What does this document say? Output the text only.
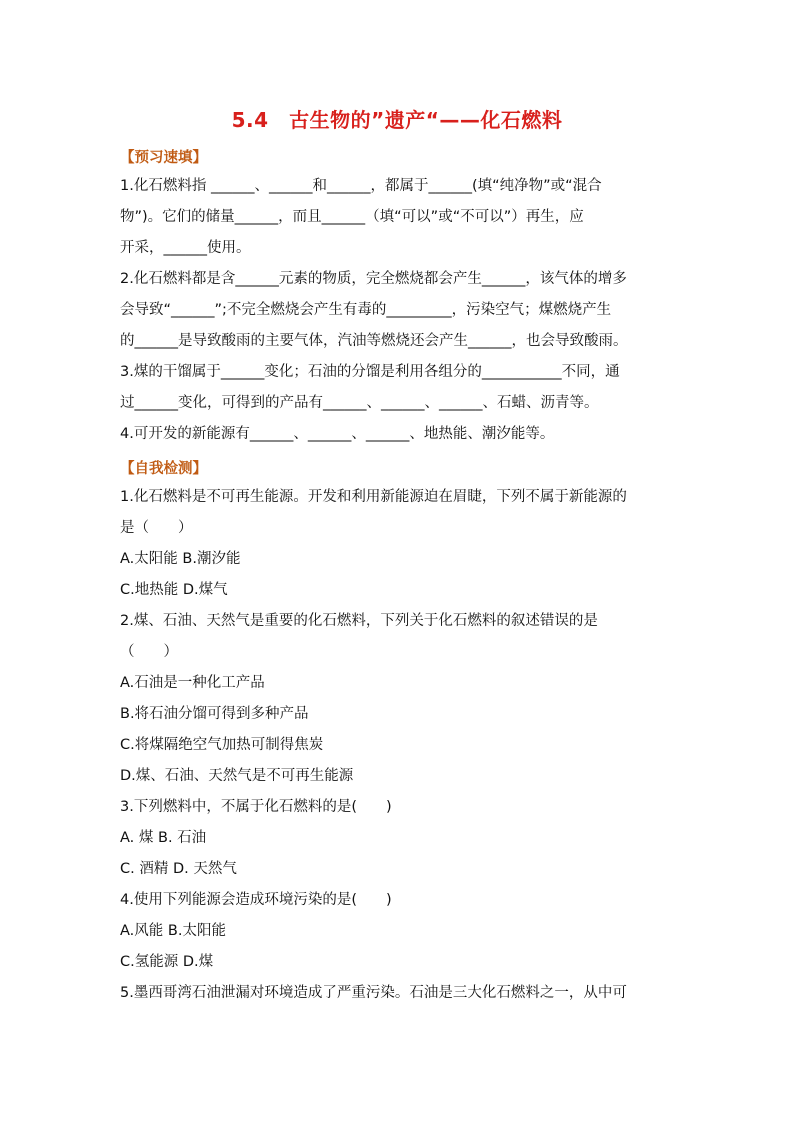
5.4　古生物的”遗产“——化石燃料
【预习速填】
1.化石燃料指 ______、______和______，都属于______(填“纯净物”或“混合
物”)。它们的储量______，而且______（填“可以”或“不可以”）再生，应
开采，______使用。
2.化石燃料都是含______元素的物质，完全燃烧都会产生______，该气体的增多
会导致“______”;不完全燃烧会产生有毒的_________，污染空气；煤燃烧产生
的______是导致酸雨的主要气体，汽油等燃烧还会产生______，也会导致酸雨。
3.煤的干馏属于______变化；石油的分馏是利用各组分的___________不同，通
过______变化，可得到的产品有______、______、______、石蜡、沥青等。
4.可开发的新能源有______、______、______、地热能、潮汐能等。
【自我检测】
1.化石燃料是不可再生能源。开发和利用新能源迫在眉睫，下列不属于新能源的
是（　　）
A.太阳能 B.潮汐能
C.地热能 D.煤气
2.煤、石油、天然气是重要的化石燃料，下列关于化石燃料的叙述错误的是
（　　）
A.石油是一种化工产品
B.将石油分馏可得到多种产品
C.将煤隔绝空气加热可制得焦炭
D.煤、石油、天然气是不可再生能源
3.下列燃料中，不属于化石燃料的是(　　)
A. 煤 B. 石油
C. 酒精 D. 天然气
4.使用下列能源会造成环境污染的是(　　)
A.风能 B.太阳能
C.氢能源 D.煤
5.墨西哥湾石油泄漏对环境造成了严重污染。石油是三大化石燃料之一，从中可
